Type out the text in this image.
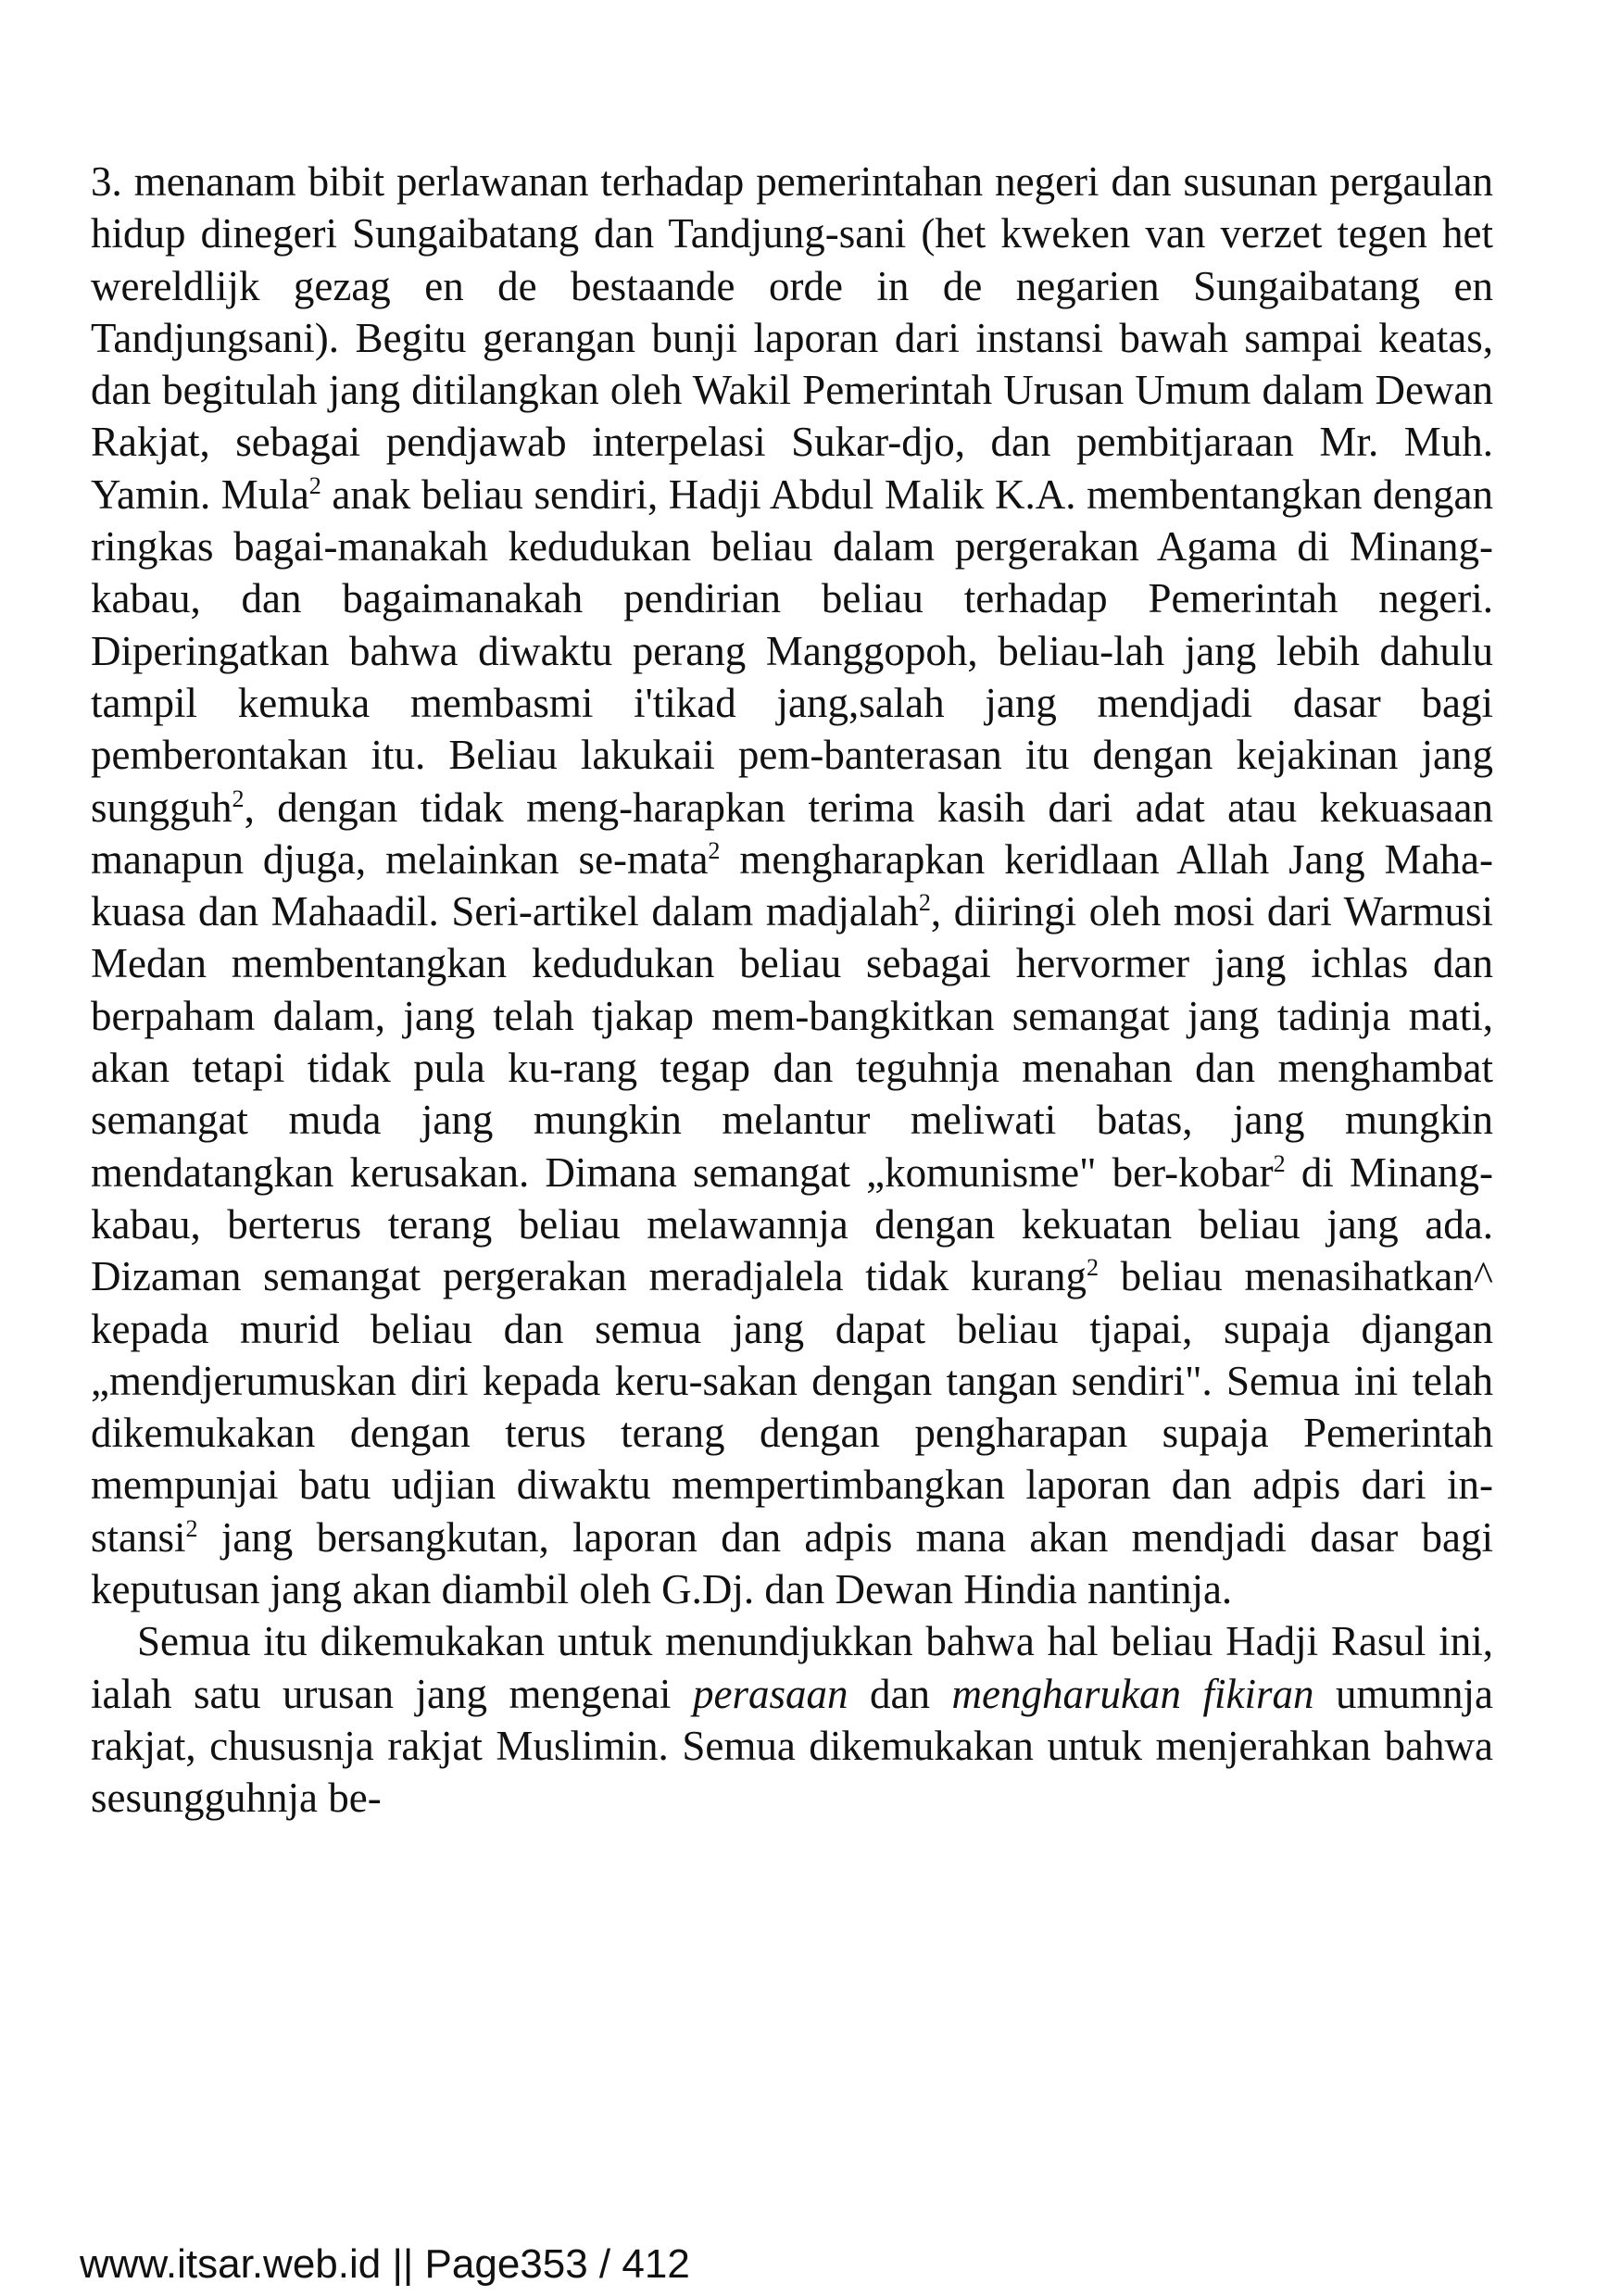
3. menanam bibit perlawanan terhadap pemerintahan negeri dan susunan pergaulan hidup dinegeri Sungaibatang dan Tandjung-sani (het kweken van verzet tegen het wereldlijk gezag en de bestaande orde in de negarien Sungaibatang en Tandjungsani). Begitu gerangan bunji laporan dari instansi bawah sampai keatas, dan begitulah jang ditilangkan oleh Wakil Pemerintah Urusan Umum dalam Dewan Rakjat, sebagai pendjawab interpelasi Sukar-djo, dan pembitjaraan Mr. Muh. Yamin. Mula$^2$ anak beliau sendiri, Hadji Abdul Malik K.A. membentangkan dengan ringkas bagai-manakah kedudukan beliau dalam pergerakan Agama di Minang-kabau, dan bagaimanakah pendirian beliau terhadap Pemerintah negeri. Diperingatkan bahwa diwaktu perang Manggopoh, beliau-lah jang lebih dahulu tampil kemuka membasmi i'tikad jang,salah jang mendjadi dasar bagi pemberontakan itu. Beliau lakukaii pem-banterasan itu dengan kejakinan jang sungguh$^2$, dengan tidak meng-harapkan terima kasih dari adat atau kekuasaan manapun djuga, melainkan se-mata$^2$ mengharapkan keridlaan Allah Jang Maha-kuasa dan Mahaadil. Seri-artikel dalam madjalah$^2$, diiringi oleh mosi dari Warmusi Medan membentangkan kedudukan beliau sebagai hervormer jang ichlas dan berpaham dalam, jang telah tjakap mem-bangkitkan semangat jang tadinja mati, akan tetapi tidak pula ku-rang tegap dan teguhnja menahan dan menghambat semangat muda jang mungkin melantur meliwati batas, jang mungkin mendatangkan kerusakan. Dimana semangat „komunisme" ber-kobar$^2$ di Minang-kabau, berterus terang beliau melawannja dengan kekuatan beliau jang ada. Dizaman semangat pergerakan meradjalela tidak kurang$^2$ beliau menasihatkan^ kepada murid beliau dan semua jang dapat beliau tjapai, supaja djangan „mendjerumuskan diri kepada keru-sakan dengan tangan sendiri". Semua ini telah dikemukakan dengan terus terang dengan pengharapan supaja Pemerintah mempunjai batu udjian diwaktu mempertimbangkan laporan dan adpis dari in-stansi$^2$ jang bersangkutan, laporan dan adpis mana akan mendjadi dasar bagi keputusan jang akan diambil oleh G.Dj. dan Dewan Hindia nantinja.

Semua itu dikemukakan untuk menundjukkan bahwa hal beliau Hadji Rasul ini, ialah satu urusan jang mengenai perasaan dan mengharukan fikiran umumnja rakjat, chususnja rakjat Muslimin. Semua dikemukakan untuk menjerahkan bahwa sesungguhnja be-

www.itsar.web.id || Page353 / 412
